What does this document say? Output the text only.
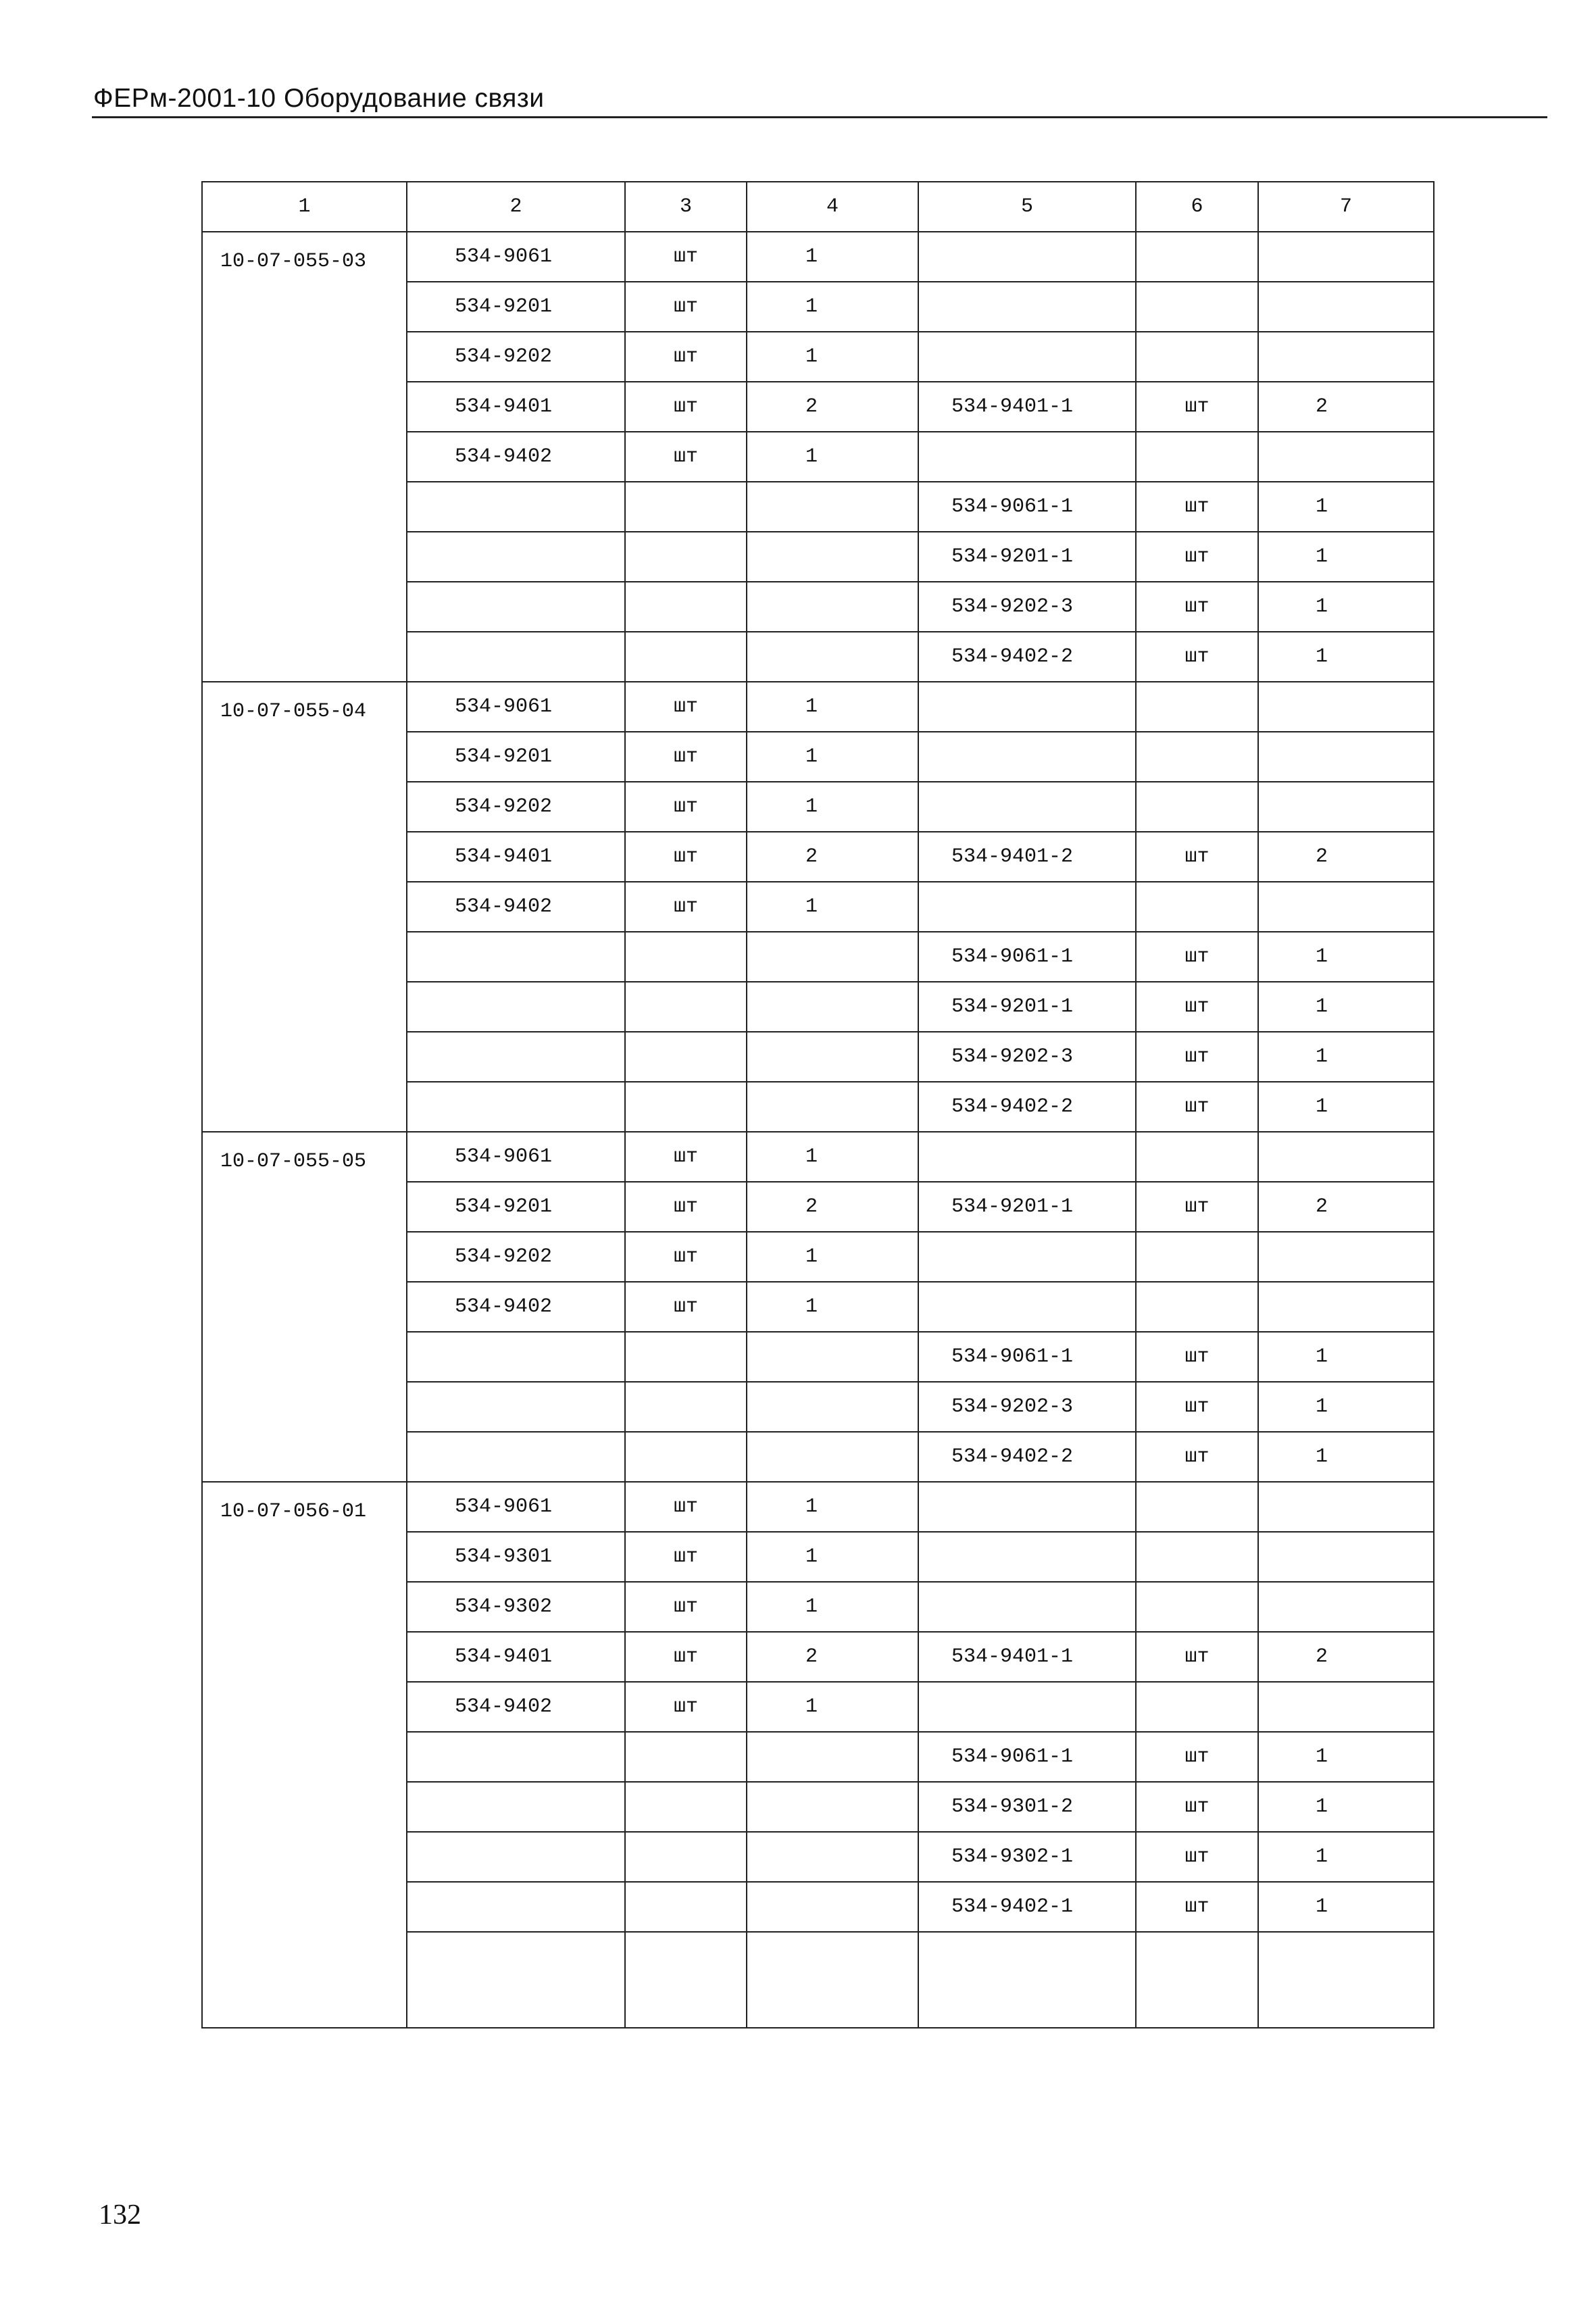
ФЕРм-2001-10 Оборудование связи
1	2	3	4	5	6	7
10-07-055-03	534-9061	шт	1			
	534-9201	шт	1			
	534-9202	шт	1			
	534-9401	шт	2	534-9401-1	шт	2
	534-9402	шт	1			
				534-9061-1	шт	1
				534-9201-1	шт	1
				534-9202-3	шт	1
				534-9402-2	шт	1
10-07-055-04	534-9061	шт	1			
	534-9201	шт	1			
	534-9202	шт	1			
	534-9401	шт	2	534-9401-2	шт	2
	534-9402	шт	1			
				534-9061-1	шт	1
				534-9201-1	шт	1
				534-9202-3	шт	1
				534-9402-2	шт	1
10-07-055-05	534-9061	шт	1			
	534-9201	шт	2	534-9201-1	шт	2
	534-9202	шт	1			
	534-9402	шт	1			
				534-9061-1	шт	1
				534-9202-3	шт	1
				534-9402-2	шт	1
10-07-056-01	534-9061	шт	1			
	534-9301	шт	1			
	534-9302	шт	1			
	534-9401	шт	2	534-9401-1	шт	2
	534-9402	шт	1			
				534-9061-1	шт	1
				534-9301-2	шт	1
				534-9302-1	шт	1
				534-9402-1	шт	1

132
